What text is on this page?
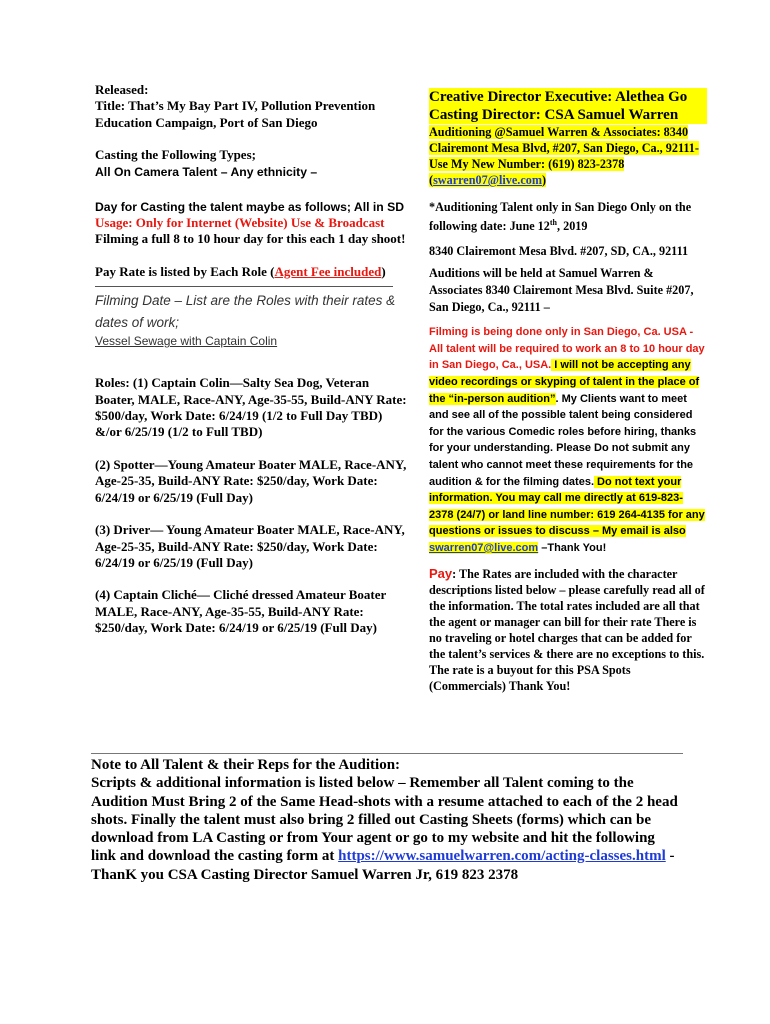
Released:

Title: That’s My Bay Part IV, Pollution Prevention Education Campaign, Port of San Diego

Casting the Following Types;

All On Camera Talent – Any ethnicity –

Day for Casting the talent maybe as follows; All in SD

Usage: Only for Internet (Website) Use & Broadcast

Filming a full 8 to 10 hour day for this each 1 day shoot!

Pay Rate is listed by Each Role (Agent Fee included)

Filming Date – List are the Roles with their rates & dates of work;

Vessel Sewage with Captain Colin

Roles: (1) Captain Colin—Salty Sea Dog, Veteran Boater, MALE, Race-ANY, Age-35-55, Build-ANY Rate: $500/day, Work Date: 6/24/19 (1/2 to Full Day TBD) &/or 6/25/19 (1/2 to Full TBD)

(2) Spotter—Young Amateur Boater MALE, Race-ANY, Age-25-35, Build-ANY Rate: $250/day, Work Date: 6/24/19 or 6/25/19 (Full Day)

(3) Driver— Young Amateur Boater MALE, Race-ANY, Age-25-35, Build-ANY Rate: $250/day, Work Date: 6/24/19 or 6/25/19 (Full Day)

(4) Captain Cliché— Cliché dressed Amateur Boater MALE, Race-ANY, Age-35-55, Build-ANY Rate: $250/day, Work Date: 6/24/19 or 6/25/19 (Full Day)

Creative Director Executive: Alethea Go
Casting Director: CSA Samuel Warren
Auditioning @Samuel Warren & Associates: 8340 Clairemont Mesa Blvd, #207, San Diego, Ca., 92111- Use My New Number: (619) 823-2378
(swarren07@live.com)

*Auditioning Talent only in San Diego Only on the following date: June 12th, 2019

8340 Clairemont Mesa Blvd. #207, SD, CA., 92111

Auditions will be held at Samuel Warren & Associates 8340 Clairemont Mesa Blvd. Suite #207, San Diego, Ca., 92111 –

Filming is being done only in San Diego, Ca. USA - All talent will be required to work an 8 to 10 hour day in San Diego, Ca., USA. I will not be accepting any video recordings or skyping of talent in the place of the “in-person audition”. My Clients want to meet and see all of the possible talent being considered for the various Comedic roles before hiring, thanks for your understanding. Please Do not submit any talent who cannot meet these requirements for the audition & for the filming dates. Do not text your information. You may call me directly at 619-823-2378 (24/7) or land line number: 619 264-4135 for any questions or issues to discuss – My email is also swarren07@live.com –Thank You!

Pay: The Rates are included with the character descriptions listed below – please carefully read all of the information. The total rates included are all that the agent or manager can bill for their rate There is no traveling or hotel charges that can be added for the talent’s services & there are no exceptions to this. The rate is a buyout for this PSA Spots (Commercials) Thank You!

Note to All Talent & their Reps for the Audition:
Scripts & additional information is listed below – Remember all Talent coming to the Audition Must Bring 2 of the Same Head-shots with a resume attached to each of the 2 head shots. Finally the talent must also bring 2 filled out Casting Sheets (forms) which can be download from LA Casting or from Your agent or go to my website and hit the following link and download the casting form at https://www.samuelwarren.com/acting-classes.html - ThanK you CSA Casting Director Samuel Warren Jr, 619 823 2378
